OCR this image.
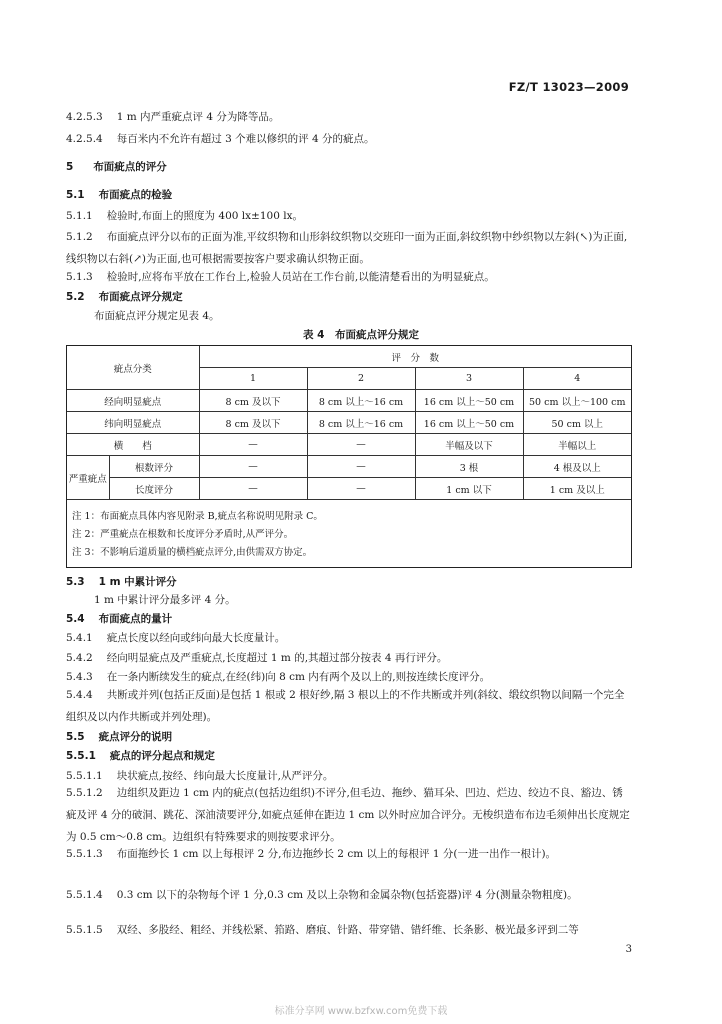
FZ/T 13023—2009
4.2.5.3 1 m 内严重疵点评 4 分为降等品。
4.2.5.4 每百米内不允许有超过 3 个难以修织的评 4 分的疵点。
5 布面疵点的评分
5.1 布面疵点的检验
5.1.1 检验时,布面上的照度为 400 lx±100 lx。
5.1.2 布面疵点评分以布的正面为准,平纹织物和山形斜纹织物以交班印一面为正面,斜纹织物中纱织物以左斜(↖)为正面,线织物以右斜(↗)为正面,也可根据需要按客户要求确认织物正面。
5.1.3 检验时,应将布平放在工作台上,检验人员站在工作台前,以能清楚看出的为明显疵点。
5.2 布面疵点评分规定
布面疵点评分规定见表 4。
表 4　布面疵点评分规定
疵点分类		评　分　数			
		1	2	3	4
经向明显疵点		8 cm 及以下	8 cm 以上～16 cm	16 cm 以上～50 cm	50 cm 以上～100 cm
纬向明显疵点		8 cm 及以下	8 cm 以上～16 cm	16 cm 以上～50 cm	50 cm 以上
横　　档		—	—	半幅及以下	半幅以上
严重疵点	根数评分	—	—	3 根	4 根及以上
	长度评分	—	—	1 cm 以下	1 cm 及以上
注 1：布面疵点具体内容见附录 B,疵点名称说明见附录 C。
注 2：严重疵点在根数和长度评分矛盾时,从严评分。
注 3：不影响后道质量的横档疵点评分,由供需双方协定。
5.3 1 m 中累计评分
1 m 中累计评分最多评 4 分。
5.4 布面疵点的量计
5.4.1 疵点长度以经向或纬向最大长度量计。
5.4.2 经向明显疵点及严重疵点,长度超过 1 m 的,其超过部分按表 4 再行评分。
5.4.3 在一条内断续发生的疵点,在经(纬)向 8 cm 内有两个及以上的,则按连续长度评分。
5.4.4 共断或并列(包括正反面)是包括 1 根或 2 根好纱,隔 3 根以上的不作共断或并列(斜纹、缎纹织物以间隔一个完全组织及以内作共断或并列处理)。
5.5 疵点评分的说明
5.5.1 疵点的评分起点和规定
5.5.1.1 块状疵点,按经、纬向最大长度量计,从严评分。
5.5.1.2 边组织及距边 1 cm 内的疵点(包括边组织)不评分,但毛边、拖纱、猫耳朵、凹边、烂边、绞边不良、豁边、锈疵及评 4 分的破洞、跳花、深油渍要评分,如疵点延伸在距边 1 cm 以外时应加合评分。无梭织造布布边毛须伸出长度规定为 0.5 cm～0.8 cm。边组织有特殊要求的则按要求评分。
5.5.1.3 布面拖纱长 1 cm 以上每根评 2 分,布边拖纱长 2 cm 以上的每根评 1 分(一进一出作一根计)。
5.5.1.4 0.3 cm 以下的杂物每个评 1 分,0.3 cm 及以上杂物和金属杂物(包括瓷器)评 4 分(测量杂物粗度)。
5.5.1.5 双经、多股经、粗经、并线松紧、筘路、磨痕、针路、带穿错、错纤维、长条影、极光最多评到二等
3
标准分享网 www.bzfxw.com免费下载
